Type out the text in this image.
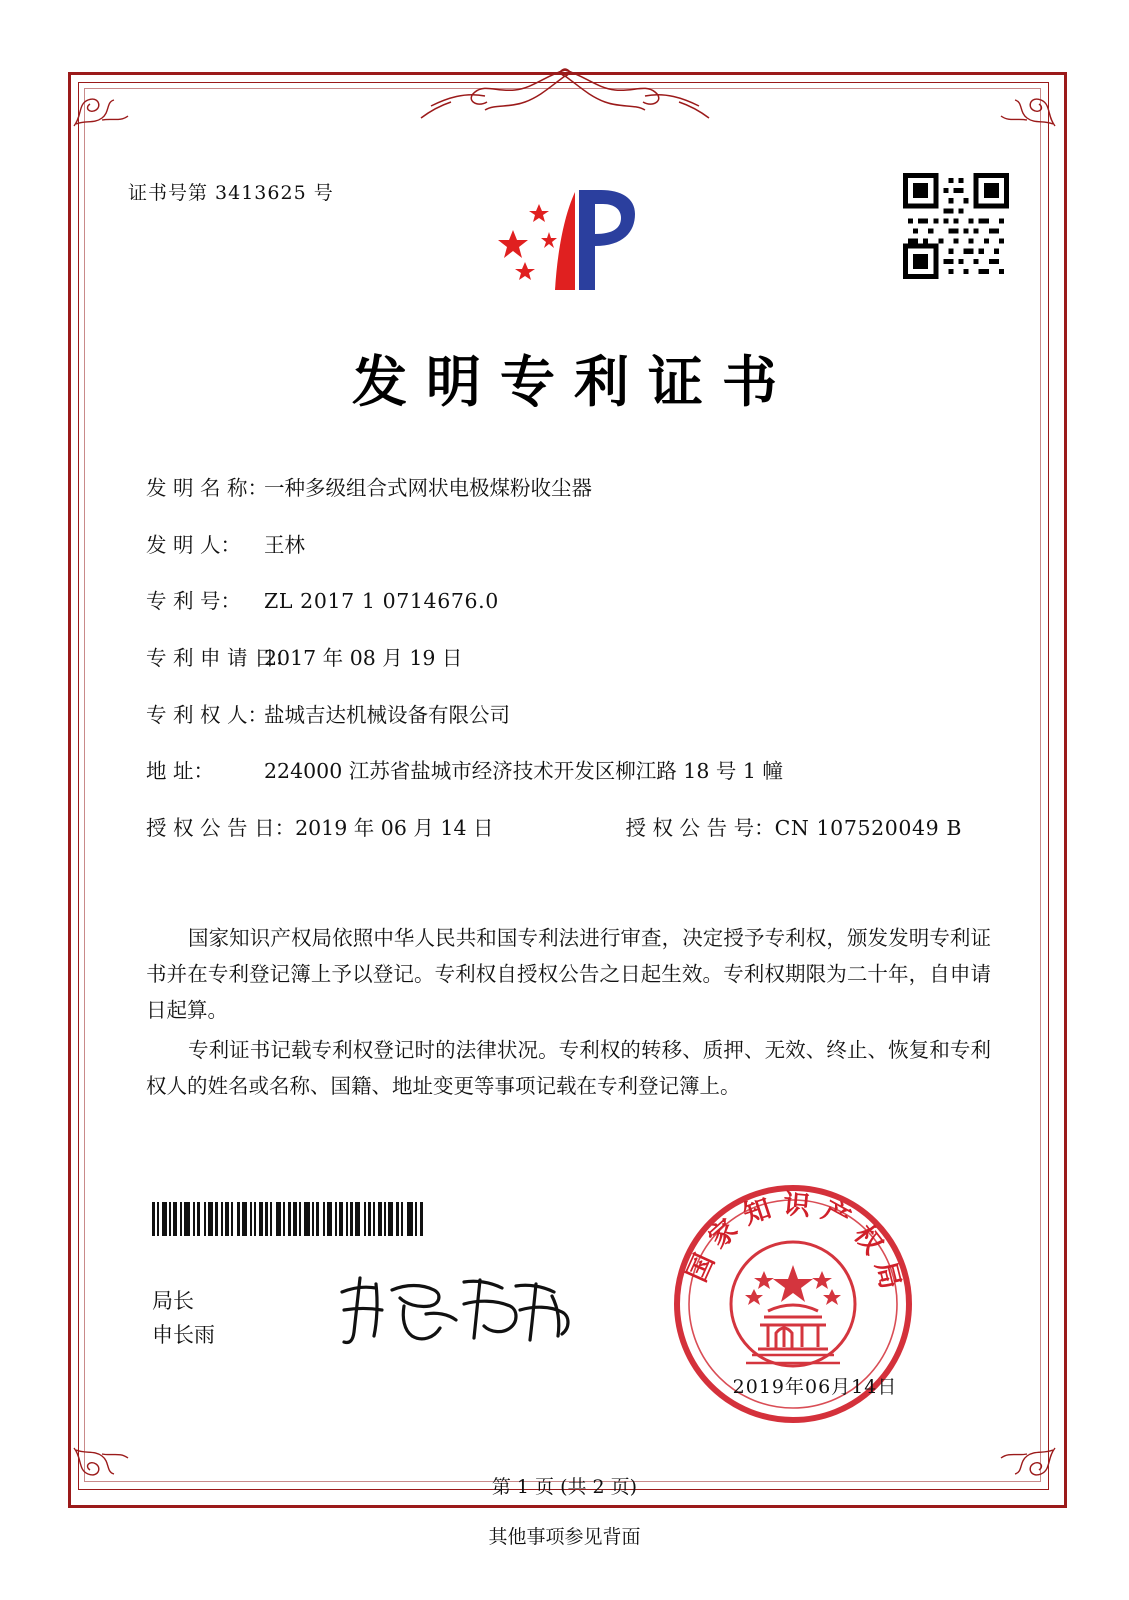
证书号第 3413625 号
发明专利证书
发 明 名 称：
一种多级组合式网状电极煤粉收尘器
发 明 人：	王林
专 利 号：	ZL 2017 1 0714676.0
专 利 申 请 日：
2017 年 08 月 19 日
专 利 权 人：
盐城吉达机械设备有限公司
地 址：	224000 江苏省盐城市经济技术开发区柳江路 18 号 1 幢
授 权 公 告 日： 2019 年 06 月 14 日	授 权 公 告 号： CN 107520049 B

国家知识产权局依照中华人民共和国专利法进行审查，决定授予专利权，颁发发明专利证书并在专利登记簿上予以登记。专利权自授权公告之日起生效。专利权期限为二十年，自申请日起算。

专利证书记载专利权登记时的法律状况。专利权的转移、质押、无效、终止、恢复和专利权人的姓名或名称、国籍、地址变更等事项记载在专利登记簿上。

局长
申长雨
国家知识产权局
2019年06月14日
第 1 页 (共 2 页)
其他事项参见背面
